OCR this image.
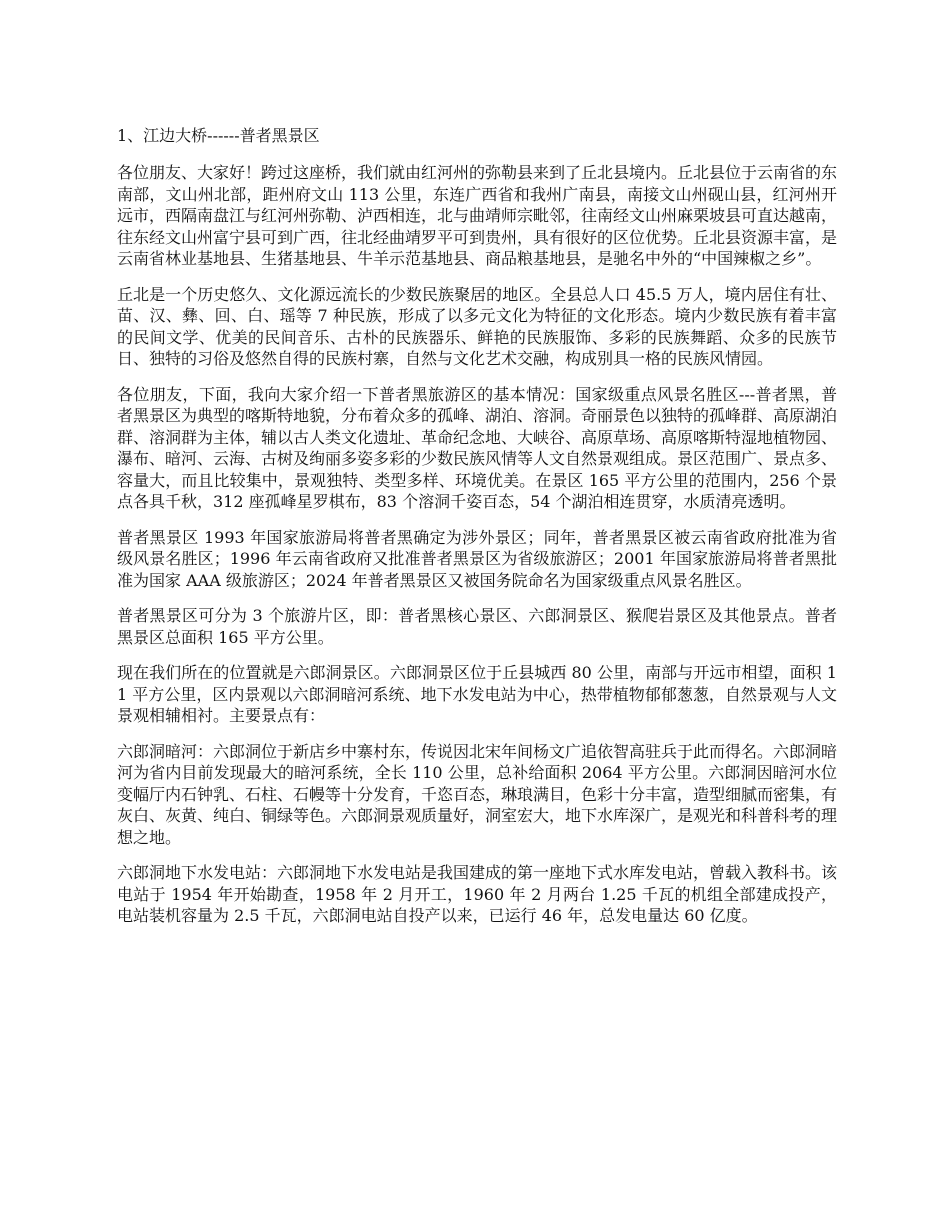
1、江边大桥------普者黑景区

各位朋友、大家好！跨过这座桥，我们就由红河州的弥勒县来到了丘北县境内。丘北县位于云南省的东南部，文山州北部，距州府文山 113 公里，东连广西省和我州广南县，南接文山州砚山县，红河州开远市，西隔南盘江与红河州弥勒、泸西相连，北与曲靖师宗毗邻，往南经文山州麻栗坡县可直达越南，往东经文山州富宁县可到广西，往北经曲靖罗平可到贵州，具有很好的区位优势。丘北县资源丰富，是云南省林业基地县、生猪基地县、牛羊示范基地县、商品粮基地县，是驰名中外的“中国辣椒之乡”。

丘北是一个历史悠久、文化源远流长的少数民族聚居的地区。全县总人口 45.5 万人，境内居住有壮、苗、汉、彝、回、白、瑶等 7 种民族，形成了以多元文化为特征的文化形态。境内少数民族有着丰富的民间文学、优美的民间音乐、古朴的民族器乐、鲜艳的民族服饰、多彩的民族舞蹈、众多的民族节日、独特的习俗及悠然自得的民族村寨，自然与文化艺术交融，构成别具一格的民族风情园。

各位朋友，下面，我向大家介绍一下普者黑旅游区的基本情况：国家级重点风景名胜区---普者黑，普者黑景区为典型的喀斯特地貌，分布着众多的孤峰、湖泊、溶洞。奇丽景色以独特的孤峰群、高原湖泊群、溶洞群为主体，辅以古人类文化遗址、革命纪念地、大峡谷、高原草场、高原喀斯特湿地植物园、瀑布、暗河、云海、古树及绚丽多姿多彩的少数民族风情等人文自然景观组成。景区范围广、景点多、容量大，而且比较集中，景观独特、类型多样、环境优美。在景区 165 平方公里的范围内，256 个景点各具千秋，312 座孤峰星罗棋布，83 个溶洞千姿百态，54 个湖泊相连贯穿，水质清亮透明。

普者黑景区 1993 年国家旅游局将普者黑确定为涉外景区；同年，普者黑景区被云南省政府批准为省级风景名胜区；1996 年云南省政府又批准普者黑景区为省级旅游区；2001 年国家旅游局将普者黑批准为国家 AAA 级旅游区；2024 年普者黑景区又被国务院命名为国家级重点风景名胜区。

普者黑景区可分为 3 个旅游片区，即：普者黑核心景区、六郎洞景区、猴爬岩景区及其他景点。普者黑景区总面积 165 平方公里。

现在我们所在的位置就是六郎洞景区。六郎洞景区位于丘县城西 80 公里，南部与开远市相望，面积 11 平方公里，区内景观以六郎洞暗河系统、地下水发电站为中心，热带植物郁郁葱葱，自然景观与人文景观相辅相衬。主要景点有：

六郎洞暗河：六郎洞位于新店乡中寨村东，传说因北宋年间杨文广追依智高驻兵于此而得名。六郎洞暗河为省内目前发现最大的暗河系统，全长 110 公里，总补给面积 2064 平方公里。六郎洞因暗河水位变幅厅内石钟乳、石柱、石幔等十分发育，千恣百态，琳琅满目，色彩十分丰富，造型细腻而密集，有灰白、灰黄、纯白、铜绿等色。六郎洞景观质量好，洞室宏大，地下水库深广，是观光和科普科考的理想之地。

六郎洞地下水发电站：六郎洞地下水发电站是我国建成的第一座地下式水库发电站，曾载入教科书。该电站于 1954 年开始勘查，1958 年 2 月开工，1960 年 2 月两台 1.25 千瓦的机组全部建成投产，电站装机容量为 2.5 千瓦，六郎洞电站自投产以来，已运行 46 年，总发电量达 60 亿度。
